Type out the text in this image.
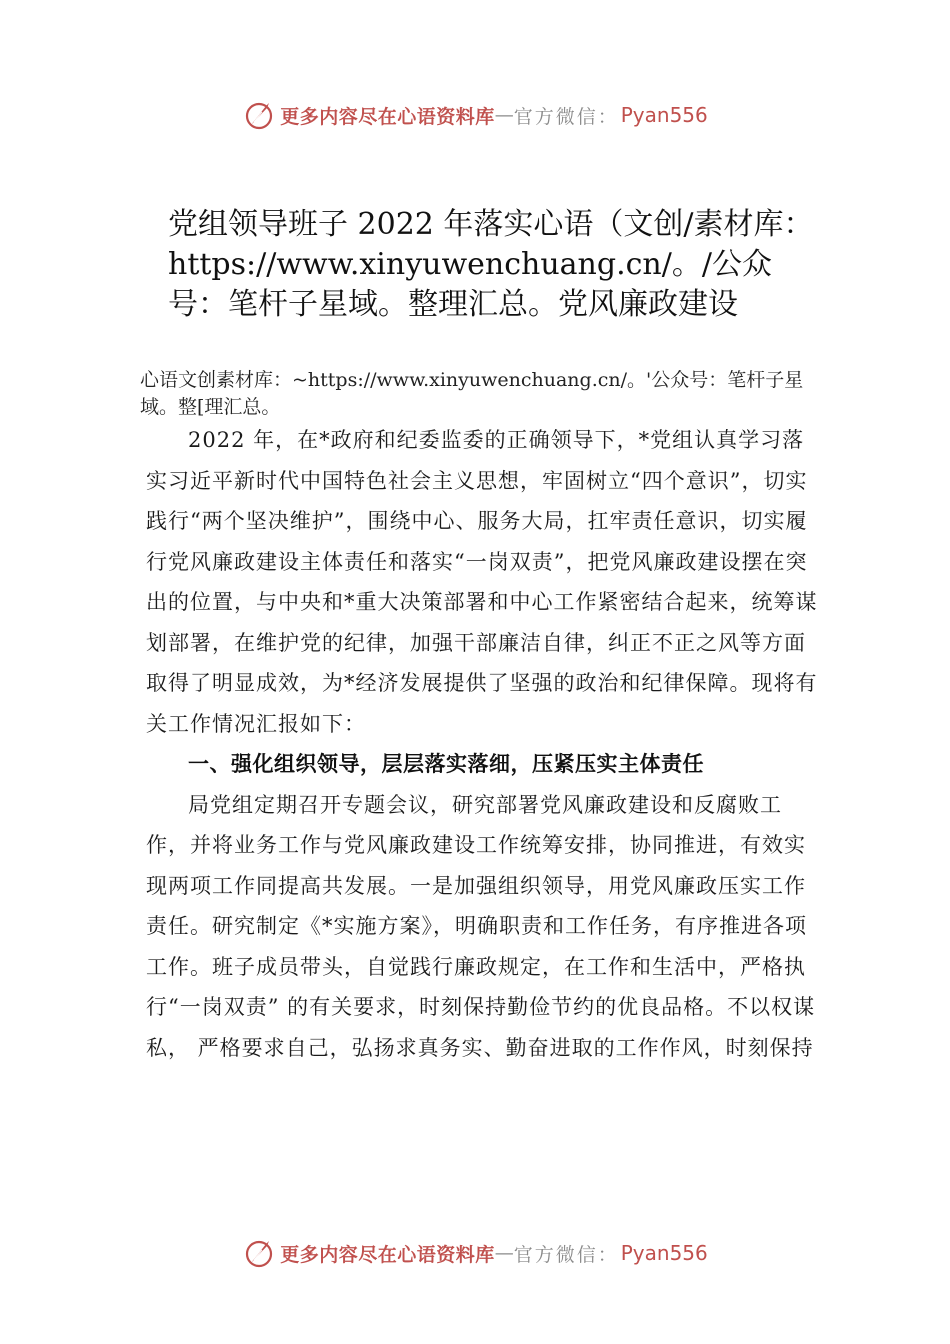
更多内容尽在心语资料库 — 官方微信： Pyan556
党组领导班子 2022 年落实心语（文创/素材库：https://www.xinyuwenchuang.cn/。/公众号：笔杆子星域。整理汇总。党风廉政建设

心语文创素材库：~https://www.xinyuwenchuang.cn/。'公众号：笔杆子星域。整[理汇总。

2022 年，在*政府和纪委监委的正确领导下，*党组认真学习落实习近平新时代中国特色社会主义思想，牢固树立“四个意识”，切实践行“两个坚决维护”，围绕中心、服务大局，扛牢责任意识，切实履行党风廉政建设主体责任和落实“一岗双责”，把党风廉政建设摆在突出的位置，与中央和*重大决策部署和中心工作紧密结合起来，统筹谋划部署，在维护党的纪律，加强干部廉洁自律，纠正不正之风等方面取得了明显成效，为*经济发展提供了坚强的政治和纪律保障。现将有关工作情况汇报如下：

一、强化组织领导，层层落实落细，压紧压实主体责任

局党组定期召开专题会议，研究部署党风廉政建设和反腐败工作，并将业务工作与党风廉政建设工作统筹安排，协同推进，有效实现两项工作同提高共发展。一是加强组织领导，用党风廉政压实工作责任。研究制定《*实施方案》，明确职责和工作任务，有序推进各项工作。班子成员带头，自觉践行廉政规定，在工作和生活中，严格执行“一岗双责” 的有关要求，时刻保持勤俭节约的优良品格。不以权谋私， 严格要求自己，弘扬求真务实、勤奋进取的工作作风，时刻保持

更多内容尽在心语资料库 — 官方微信： Pyan556
